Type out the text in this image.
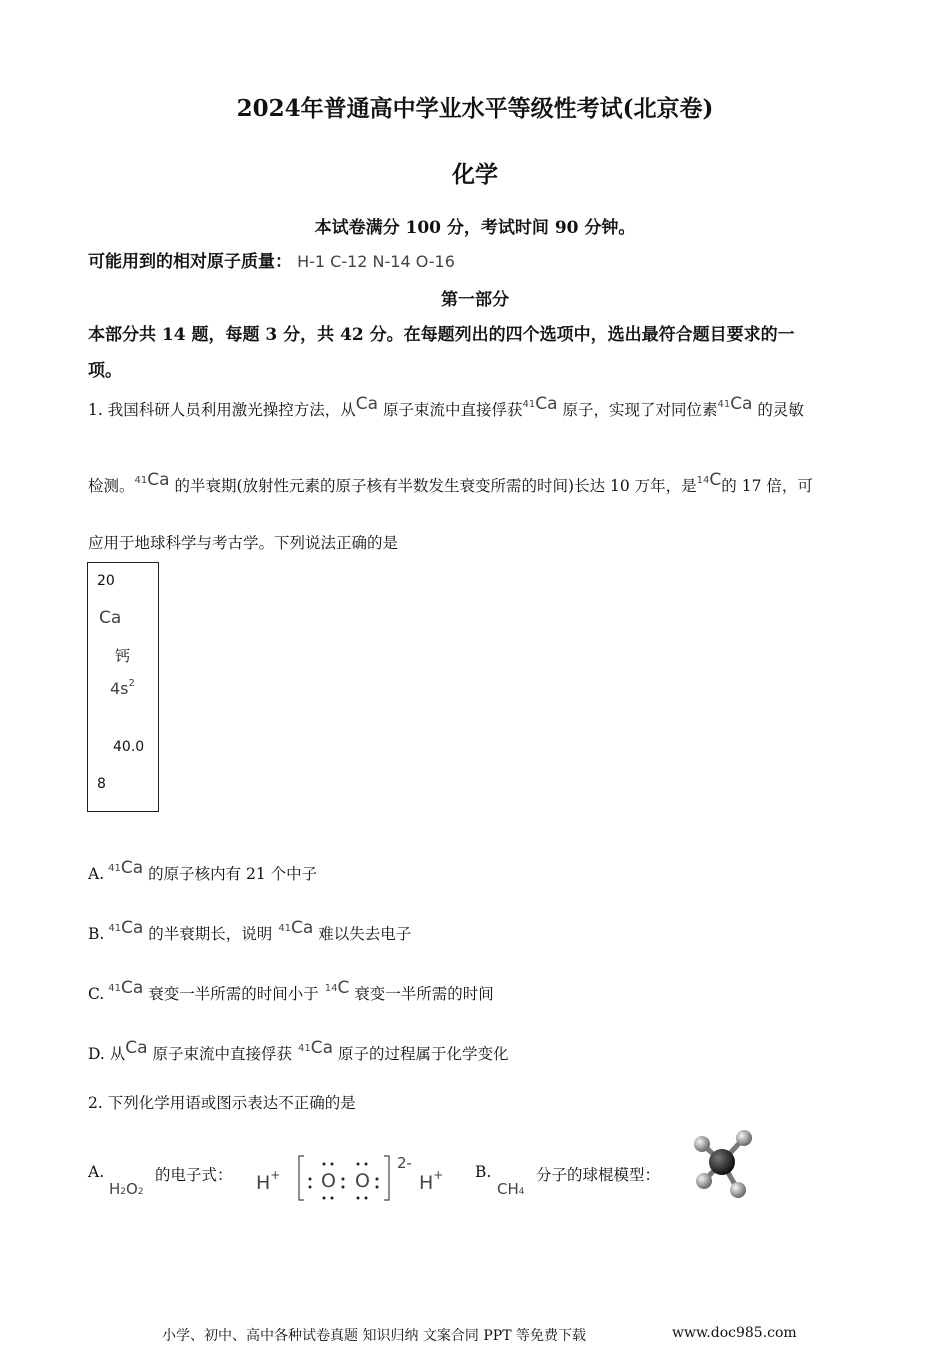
2024年普通高中学业水平等级性考试(北京卷)
化学
本试卷满分 100 分，考试时间 90 分钟。
可能用到的相对原子质量： H-1 C-12 N-14 O-16
第一部分
本部分共 14 题，每题 3 分，共 42 分。在每题列出的四个选项中，选出最符合题目要求的一
项。
1. 我国科研人员利用激光操控方法，从Ca 原子束流中直接俘获$^{41}$Ca 原子，实现了对同位素$^{41}$Ca 的灵敏
检测。$^{41}$Ca 的半衰期(放射性元素的原子核有半数发生衰变所需的时间)长达 10 万年，是$^{14}$C的 17 倍，可
应用于地球科学与考古学。下列说法正确的是
20
Ca
钙
$4s^2$
40.0
8
A. $^{41}$Ca 的原子核内有 21 个中子
B. $^{41}$Ca 的半衰期长，说明 $^{41}$Ca 难以失去电子
C. $^{41}$Ca 衰变一半所需的时间小于 $^{14}$C 衰变一半所需的时间
D. 从Ca 原子束流中直接俘获 $^{41}$Ca 原子的过程属于化学变化
2. 下列化学用语或图示表达不正确的是
A.
H2O2
的电子式： H+ O O
2-
H+ B.
CH4
分子的球棍模型：
小学、初中、高中各种试卷真题 知识归纳 文案合同 PPT 等免费下载	www.doc985.com
